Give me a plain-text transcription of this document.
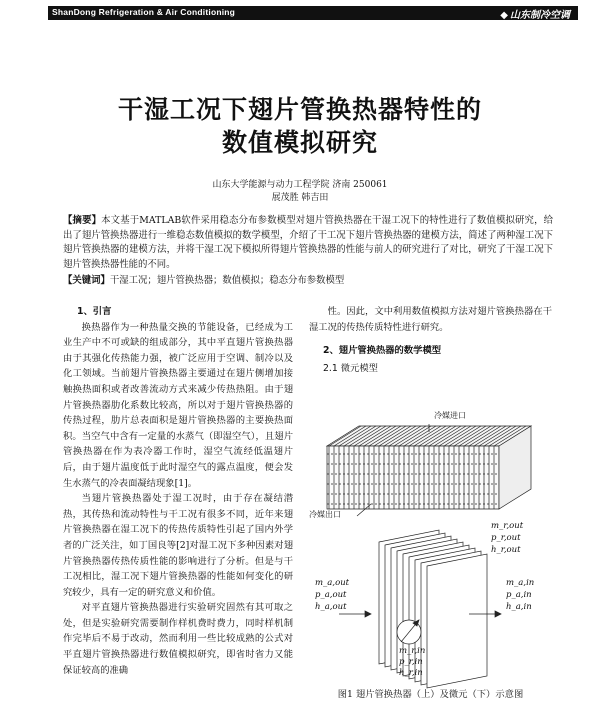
ShanDong Refrigeration & Air Conditioning	◆ 山东制冷空调
干湿工况下翅片管换热器特性的
数值模拟研究
山东大学能源与动力工程学院 济南 250061
展茂胜 韩吉田
【摘要】本文基于MATLAB软件采用稳态分布参数模型对翅片管换热器在干湿工况下的特性进行了数值模拟研究，给出了翅片管换热器进行一维稳态数值模拟的数学模型，介绍了干工况下翅片管换热器的建模方法，简述了两种湿工况下翅片管换热器的建模方法，并将干湿工况下模拟所得翅片管换热器的性能与前人的研究进行了对比，研究了干湿工况下翅片管换热器性能的不同。
【关键词】干湿工况；翅片管换热器；数值模拟；稳态分布参数模型
1、引言

换热器作为一种热量交换的节能设备，已经成为工业生产中不可或缺的组成部分，其中平直翅片管换热器由于其强化传热能力强，被广泛应用于空调、制冷以及化工领域。当前翅片管换热器主要通过在翅片侧增加接触换热面积或者改善流动方式来减少传热热阻。由于翅片管换热器肋化系数比较高，所以对于翅片管换热器的传热过程，肋片总表面积是翅片管换热器的主要换热面积。当空气中含有一定量的水蒸气（即湿空气），且翅片管换热器在作为表冷器工作时，湿空气流经低温翅片后，由于翅片温度低于此时湿空气的露点温度，便会发生水蒸气的冷表面凝结现象[1]。

当翅片管换热器处于湿工况时，由于存在凝结潜热，其传热和流动特性与干工况有很多不同，近年来翅片管换热器在湿工况下的传热传质特性引起了国内外学者的广泛关注，如丁国良等[2]对湿工况下多种因素对翅片管换热器传热传质性能的影响进行了分析。但是与干工况相比，湿工况下翅片管换热器的性能如何变化的研究较少，具有一定的研究意义和价值。

对平直翅片管换热器进行实验研究固然有其可取之处，但是实验研究需要制作样机费时费力，同时样机制作完毕后不易于改动，然而利用一些比较成熟的公式对平直翅片管换热器进行数值模拟研究，即省时省力又能保证较高的准确

性。因此，文中利用数值模拟方法对翅片管换热器在干湿工况的传热传质特性进行研究。

2、翅片管换热器的数学模型
2.1 微元模型
冷媒进口
冷媒出口
m_r,out
p_r,out
h_r,out
m_a,out
p_a,out
h_a,out
m_a,in
p_a,in
h_a,in
m_r,in
p_r,in
h_r,in
图1 翅片管换热器（上）及微元（下）示意图
